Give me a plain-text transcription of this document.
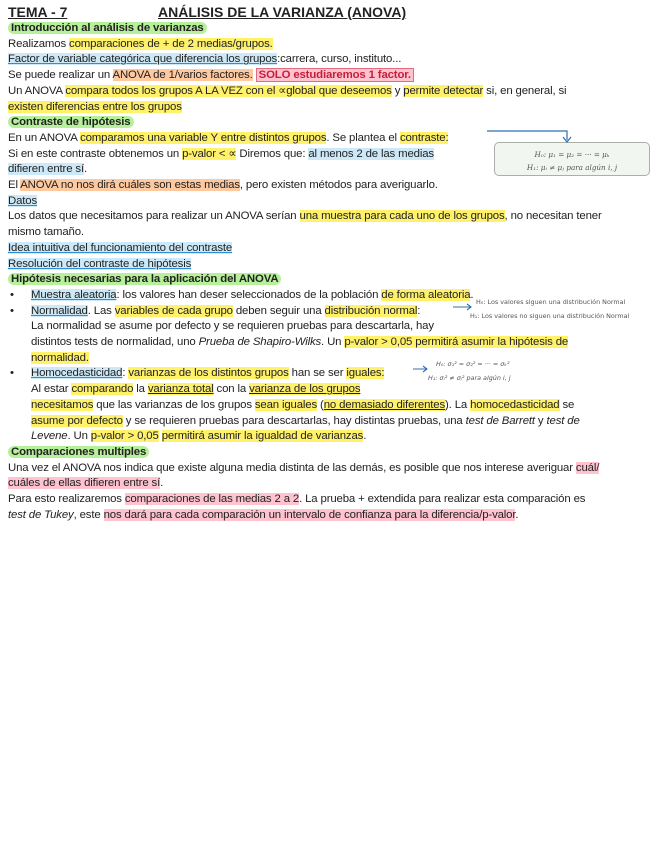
TEMA - 7	ANÁLISIS DE LA VARIANZA (ANOVA)
Introducción al análisis de varianzas
Realizamos comparaciones de + de 2 medias/grupos.
Factor de variable categórica que diferencia los grupos:carrera, curso, instituto...
Se puede realizar un ANOVA de 1/varios factores. SOLO estudiaremos 1 factor.
Un ANOVA compara todos los grupos A LA VEZ con el ∝global que deseemos y permite detectar si, en general, si
existen diferencias entre los grupos
Contraste de hipótesis
En un ANOVA comparamos una variable Y entre distintos grupos. Se plantea el contraste:
Si en este contraste obtenemos un p-valor < ∝ Diremos que: al menos 2 de las medias
difieren entre sí.
El ANOVA no nos dirá cuáles son estas medias, pero existen métodos para averiguarlo.
Datos
Los datos que necesitamos para realizar un ANOVA serían una muestra para cada uno de los grupos, no necesitan tener
mismo tamaño.
Idea intuitiva del funcionamiento del contraste
Resolución del contraste de hipótesis
Hipótesis necesarias para la aplicación del ANOVA
• Muestra aleatoria: los valores han deser seleccionados de la población de forma aleatoria.
• Normalidad. Las variables de cada grupo deben seguir una distribución normal:
La normalidad se asume por defecto y se requieren pruebas para descartarla, hay
distintos tests de normalidad, uno Prueba de Shapiro-Wilks. Un p-valor > 0,05 permitirá asumir la hipótesis de
normalidad.
• Homocedasticidad: varianzas de los distintos grupos han se ser iguales:
Al estar comparando la varianza total con la varianza de los grupos
necesitamos que las varianzas de los grupos sean iguales (no demasiado diferentes). La homocedasticidad se
asume por defecto y se requieren pruebas para descartarlas, hay distintas pruebas, una test de Barrett y test de
Levene. Un p-valor > 0,05 permitirá asumir la igualdad de varianzas.
Comparaciones multiples
Una vez el ANOVA nos indica que existe alguna media distinta de las demás, es posible que nos interese averiguar cuál/
cuáles de ellas difieren entre sí.
Para esto realizaremos comparaciones de las medias 2 a 2. La prueba + extendida para realizar esta comparación es
test de Tukey, este nos dará para cada comparación un intervalo de confianza para la diferencia/p-valor.
H₀: μ₁ = μ₂ = ··· = μₖ
H₁: μᵢ ≠ μⱼ para algún i, j
H₀: Los valores siguen una distribución Normal
H₁: Los valores no siguen una distribución Normal
H₀: σ₁² = σ₂² = ··· = σₖ²
H₁: σᵢ² ≠ σⱼ² para algún i, j
